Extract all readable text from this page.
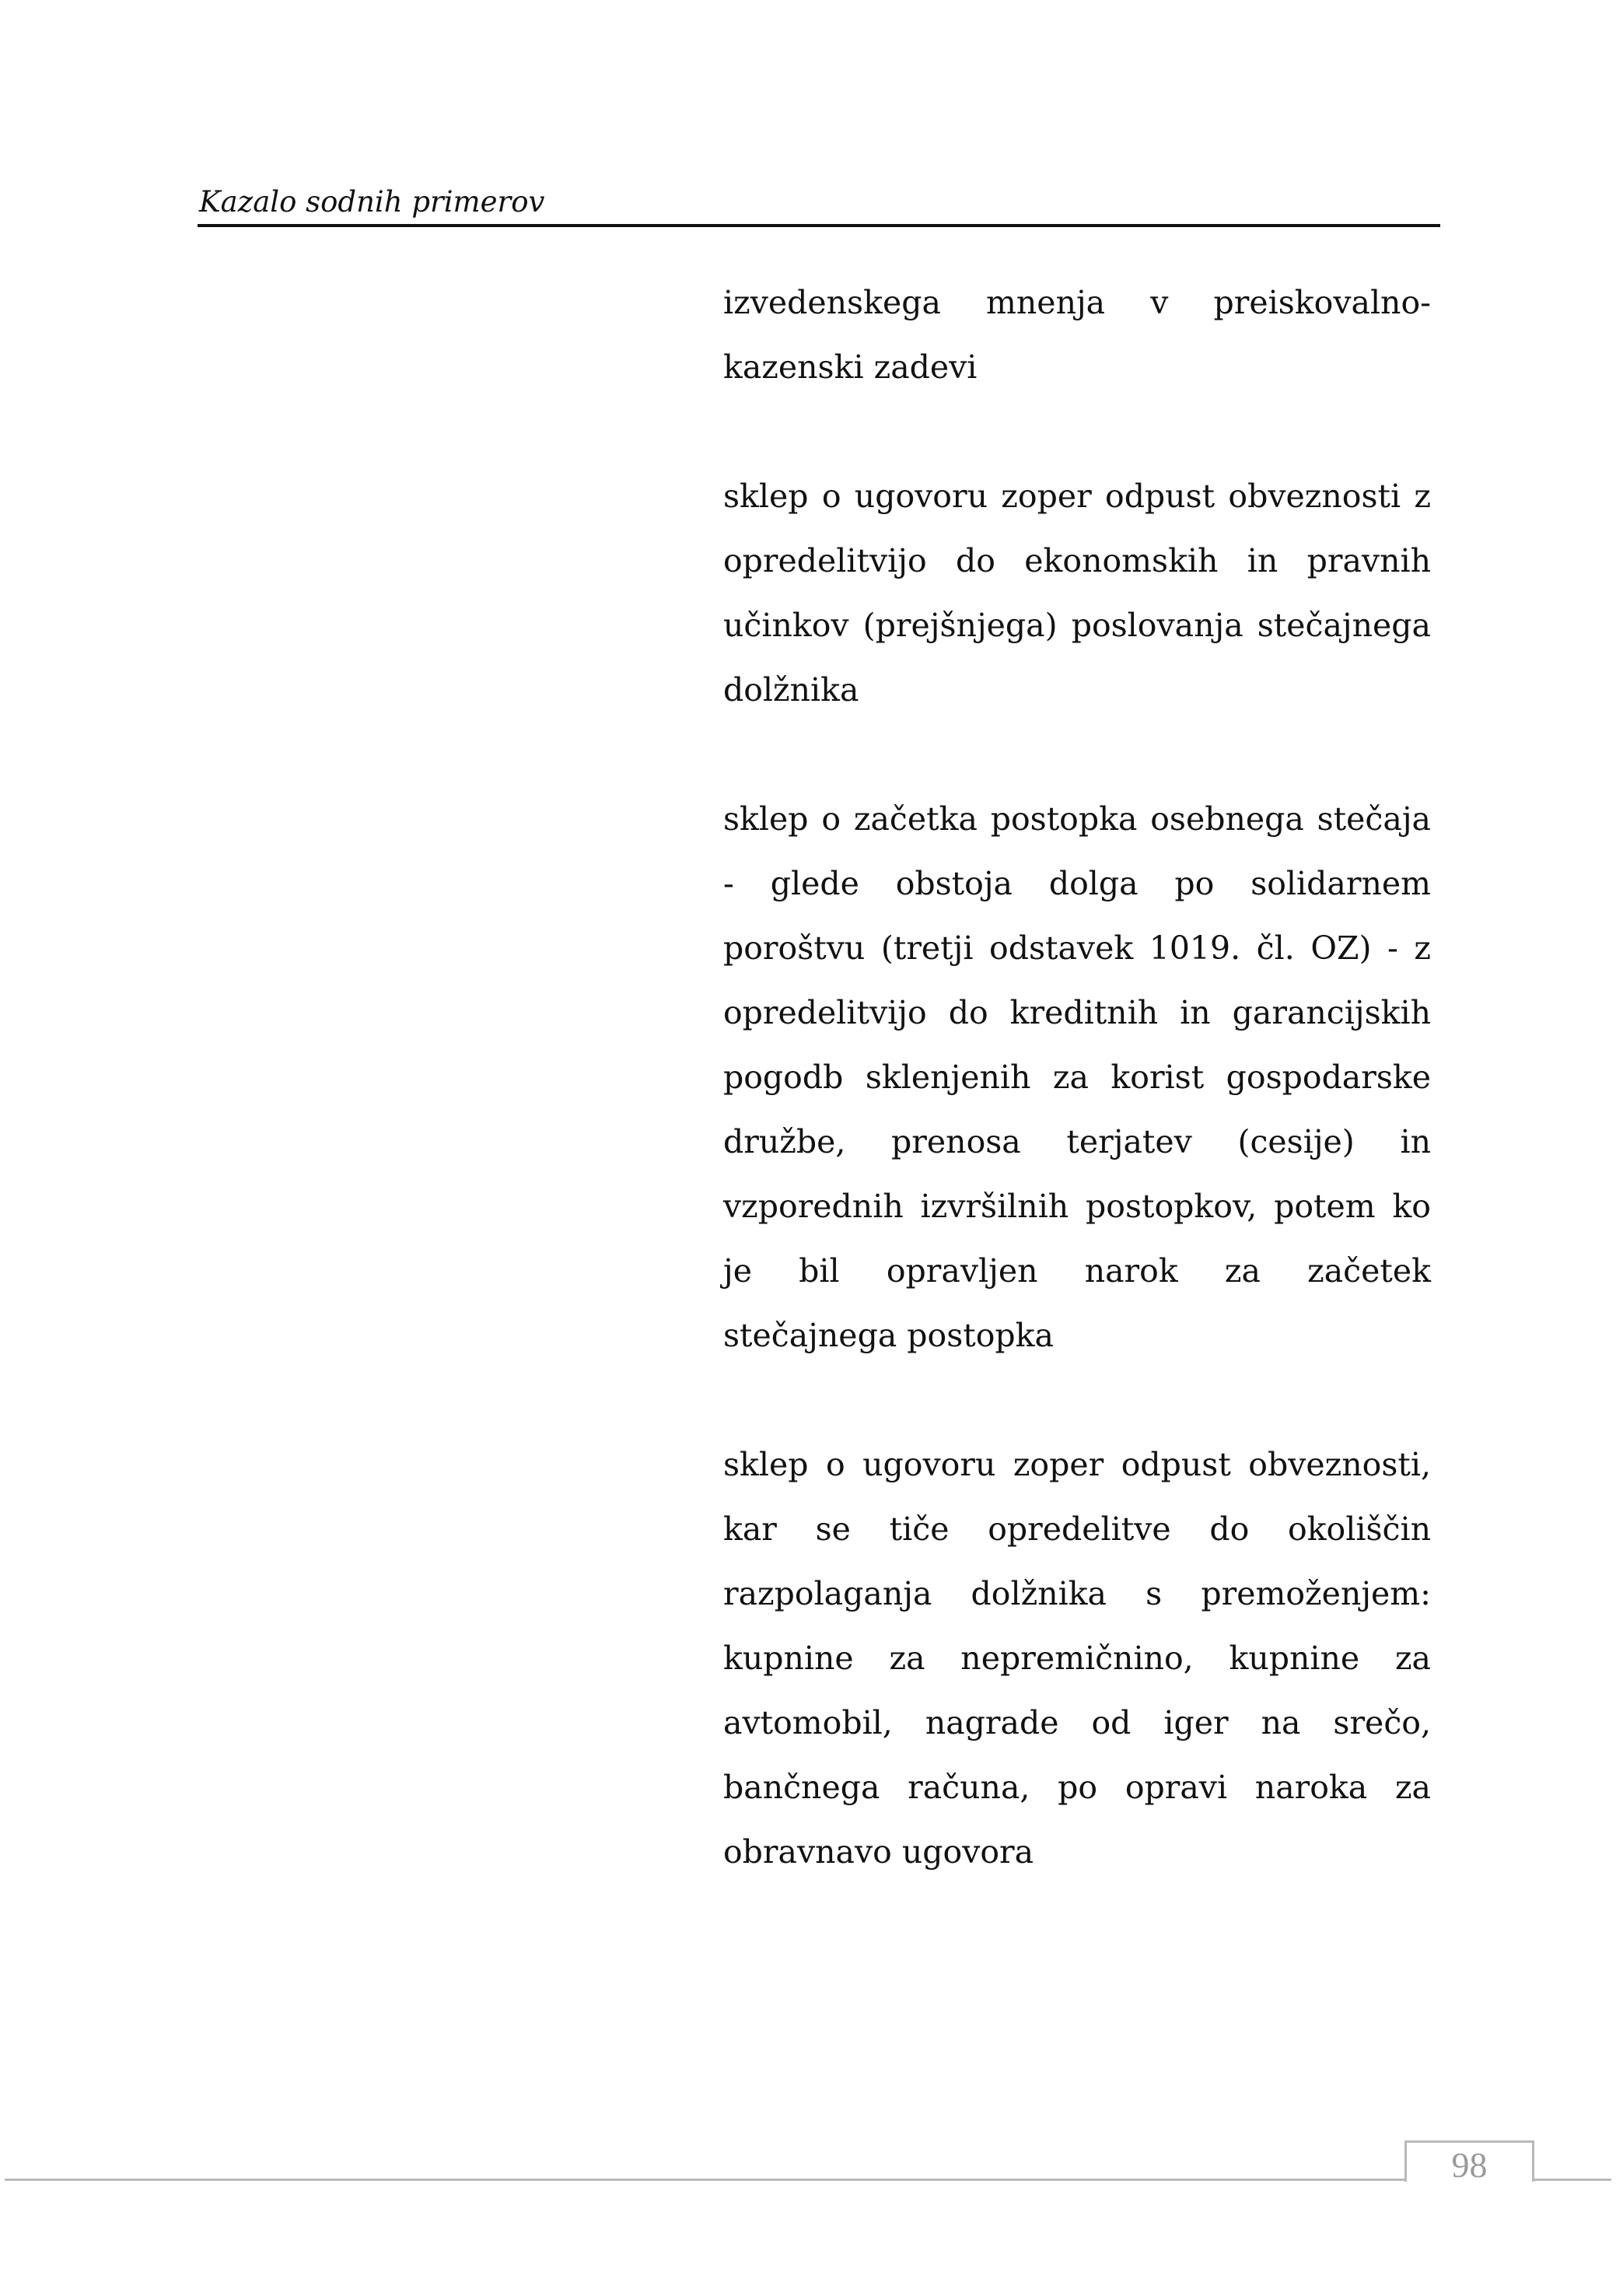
Kazalo sodnih primerov

izvedenskega mnenja v preiskovalno-kazenski zadevi

sklep o ugovoru zoper odpust obveznosti z opredelitvijo do ekonomskih in pravnih učinkov (prejšnjega) poslovanja stečajnega dolžnika

sklep o začetka postopka osebnega stečaja - glede obstoja dolga po solidarnem poroštvu (tretji odstavek 1019. čl. OZ) - z opredelitvijo do kreditnih in garancijskih pogodb sklenjenih za korist gospodarske družbe, prenosa terjatev (cesije) in vzporednih izvršilnih postopkov, potem ko je bil opravljen narok za začetek stečajnega postopka

sklep o ugovoru zoper odpust obveznosti, kar se tiče opredelitve do okoliščin razpolaganja dolžnika s premoženjem: kupnine za nepremičnino, kupnine za avtomobil, nagrade od iger na srečo, bančnega računa, po opravi naroka za obravnavo ugovora

98
